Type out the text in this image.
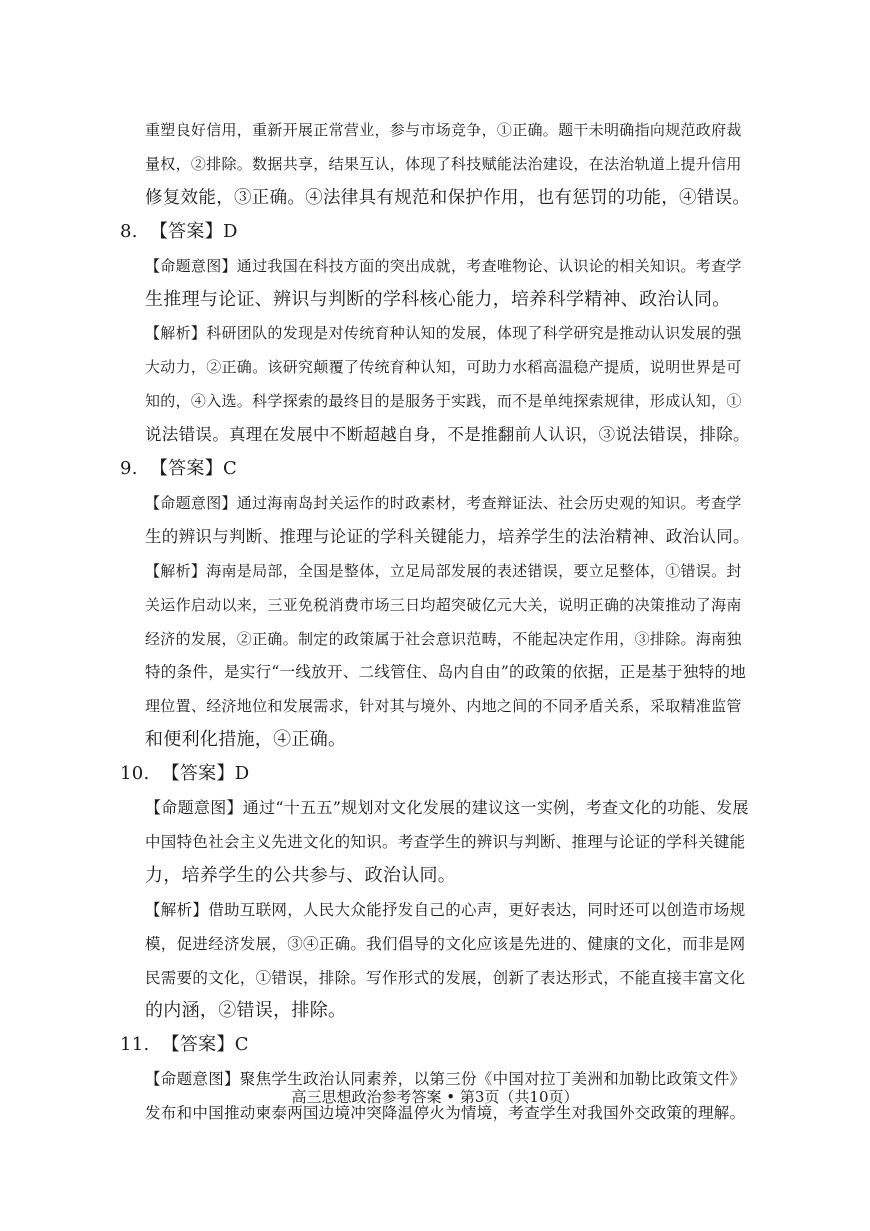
重塑良好信用，重新开展正常营业，参与市场竞争，①正确。题干未明确指向规范政府裁
量权，②排除。数据共享，结果互认，体现了科技赋能法治建设，在法治轨道上提升信用
修复效能，③正确。④法律具有规范和保护作用，也有惩罚的功能，④错误。
8. 【答案】D
【命题意图】通过我国在科技方面的突出成就，考查唯物论、认识论的相关知识。考查学
生推理与论证、辨识与判断的学科核心能力，培养科学精神、政治认同。
【解析】科研团队的发现是对传统育种认知的发展，体现了科学研究是推动认识发展的强
大动力，②正确。该研究颠覆了传统育种认知，可助力水稻高温稳产提质，说明世界是可
知的，④入选。科学探索的最终目的是服务于实践，而不是单纯探索规律，形成认知，①
说法错误。真理在发展中不断超越自身，不是推翻前人认识，③说法错误，排除。
9. 【答案】C
【命题意图】通过海南岛封关运作的时政素材，考查辩证法、社会历史观的知识。考查学
生的辨识与判断、推理与论证的学科关键能力，培养学生的法治精神、政治认同。
【解析】海南是局部，全国是整体，立足局部发展的表述错误，要立足整体，①错误。封
关运作启动以来，三亚免税消费市场三日均超突破亿元大关，说明正确的决策推动了海南
经济的发展，②正确。制定的政策属于社会意识范畴，不能起决定作用，③排除。海南独
特的条件，是实行“一线放开、二线管住、岛内自由”的政策的依据，正是基于独特的地
理位置、经济地位和发展需求，针对其与境外、内地之间的不同矛盾关系，采取精准监管
和便利化措施，④正确。
10. 【答案】D
【命题意图】通过“十五五”规划对文化发展的建议这一实例，考查文化的功能、发展
中国特色社会主义先进文化的知识。考查学生的辨识与判断、推理与论证的学科关键能
力，培养学生的公共参与、政治认同。
【解析】借助互联网，人民大众能抒发自己的心声，更好表达，同时还可以创造市场规
模，促进经济发展，③④正确。我们倡导的文化应该是先进的、健康的文化，而非是网
民需要的文化，①错误，排除。写作形式的发展，创新了表达形式，不能直接丰富文化
的内涵，②错误，排除。
11. 【答案】C
【命题意图】聚焦学生政治认同素养，以第三份《中国对拉丁美洲和加勒比政策文件》
发布和中国推动柬泰两国边境冲突降温停火为情境，考查学生对我国外交政策的理解。
高三思想政治参考答案 • 第3页（共10页）
